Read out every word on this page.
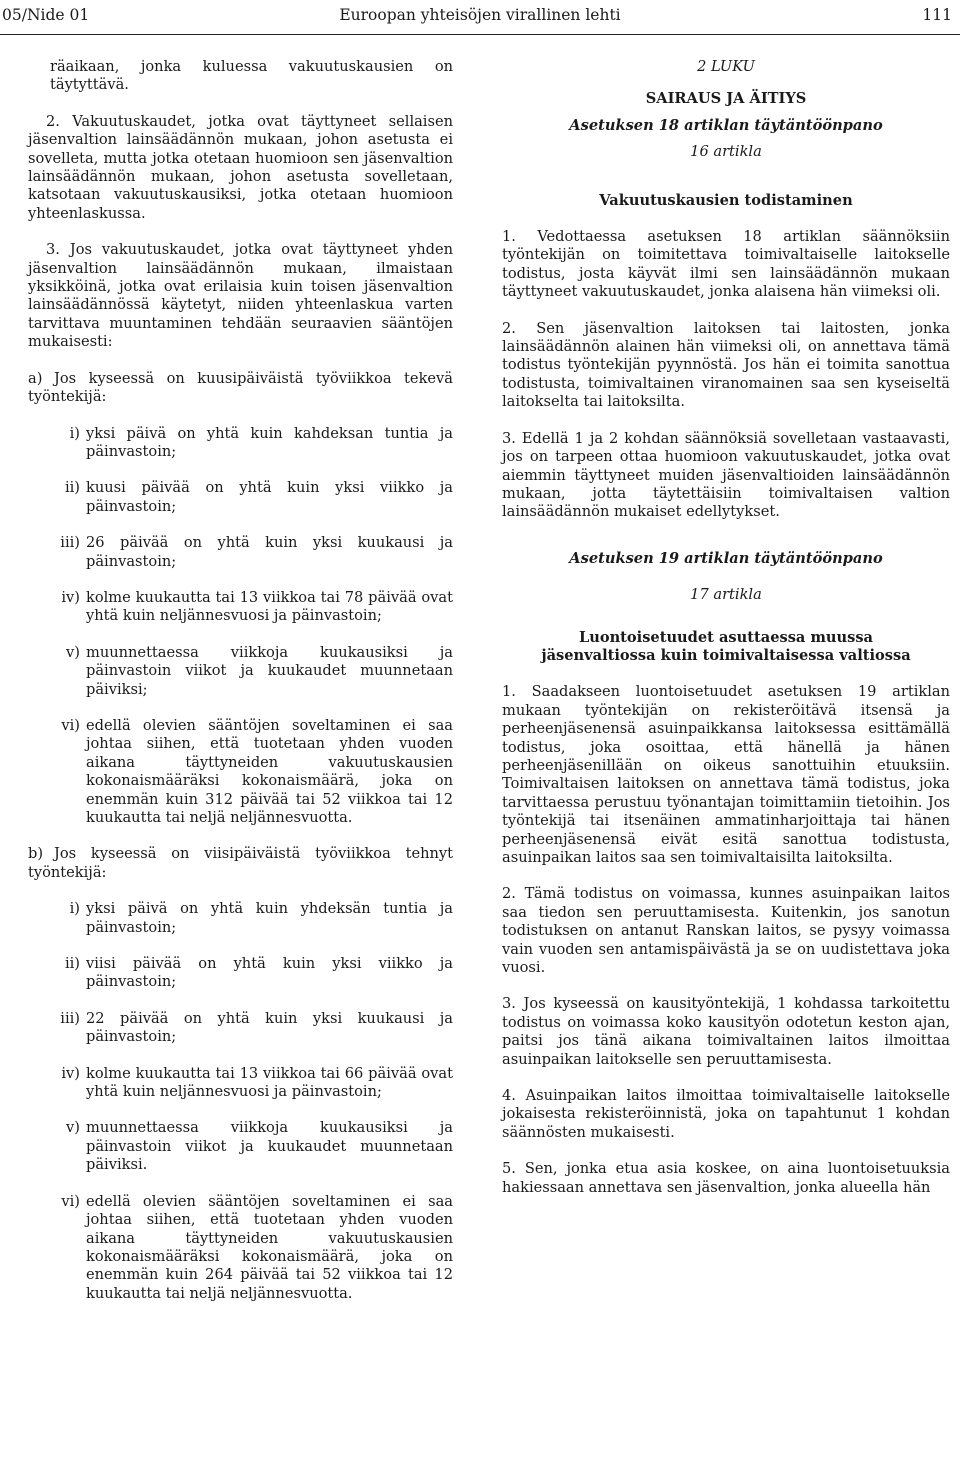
05/Nide 01	Euroopan yhteisöjen virallinen lehti	111

räaikaan, jonka kuluessa vakuutuskausien on täytyttävä.

2. Vakuutuskaudet, jotka ovat täyttyneet sellaisen jäsenvaltion lainsäädännön mukaan, johon asetusta ei sovelleta, mutta jotka otetaan huomioon sen jäsenvaltion lainsäädännön mukaan, johon asetusta sovelletaan, katsotaan vakuutuskausiksi, jotka otetaan huomioon yhteenlaskussa.

3. Jos vakuutuskaudet, jotka ovat täyttyneet yhden jäsenvaltion lainsäädännön mukaan, ilmaistaan yksikköinä, jotka ovat erilaisia kuin toisen jäsenvaltion lainsäädännössä käytetyt, niiden yhteenlaskua varten tarvittava muuntaminen tehdään seuraavien sääntöjen mukaisesti:

a) Jos kyseessä on kuusipäiväistä työviikkoa tekevä työntekijä:

i) yksi päivä on yhtä kuin kahdeksan tuntia ja päinvastoin;

ii) kuusi päivää on yhtä kuin yksi viikko ja päinvastoin;

iii) 26 päivää on yhtä kuin yksi kuukausi ja päinvastoin;

iv) kolme kuukautta tai 13 viikkoa tai 78 päivää ovat yhtä kuin neljännesvuosi ja päinvastoin;

v) muunnettaessa viikkoja kuukausiksi ja päinvastoin viikot ja kuukaudet muunnetaan päiviksi;

vi) edellä olevien sääntöjen soveltaminen ei saa johtaa siihen, että tuotetaan yhden vuoden aikana täyttyneiden vakuutuskausien kokonaismääräksi kokonaismäärä, joka on enemmän kuin 312 päivää tai 52 viikkoa tai 12 kuukautta tai neljä neljännesvuotta.

b) Jos kyseessä on viisipäiväistä työviikkoa tehnyt työntekijä:

i) yksi päivä on yhtä kuin yhdeksän tuntia ja päinvastoin;

ii) viisi päivää on yhtä kuin yksi viikko ja päinvastoin;

iii) 22 päivää on yhtä kuin yksi kuukausi ja päinvastoin;

iv) kolme kuukautta tai 13 viikkoa tai 66 päivää ovat yhtä kuin neljännesvuosi ja päinvastoin;

v) muunnettaessa viikkoja kuukausiksi ja päinvastoin viikot ja kuukaudet muunnetaan päiviksi.

vi) edellä olevien sääntöjen soveltaminen ei saa johtaa siihen, että tuotetaan yhden vuoden aikana täyttyneiden vakuutuskausien kokonaismääräksi kokonaismäärä, joka on enemmän kuin 264 päivää tai 52 viikkoa tai 12 kuukautta tai neljä neljännesvuotta.

2 LUKU

SAIRAUS JA ÄITIYS

Asetuksen 18 artiklan täytäntöönpano

16 artikla

Vakuutuskausien todistaminen

1. Vedottaessa asetuksen 18 artiklan säännöksiin työntekijän on toimitettava toimivaltaiselle laitokselle todistus, josta käyvät ilmi sen lainsäädännön mukaan täyttyneet vakuutuskaudet, jonka alaisena hän viimeksi oli.

2. Sen jäsenvaltion laitoksen tai laitosten, jonka lainsäädännön alainen hän viimeksi oli, on annettava tämä todistus työntekijän pyynnöstä. Jos hän ei toimita sanottua todistusta, toimivaltainen viranomainen saa sen kyseiseltä laitokselta tai laitoksilta.

3. Edellä 1 ja 2 kohdan säännöksiä sovelletaan vastaavasti, jos on tarpeen ottaa huomioon vakuutuskaudet, jotka ovat aiemmin täyttyneet muiden jäsenvaltioiden lainsäädännön mukaan, jotta täytettäisiin toimivaltaisen valtion lainsäädännön mukaiset edellytykset.

Asetuksen 19 artiklan täytäntöönpano

17 artikla

Luontoisetuudet asuttaessa muussa jäsenvaltiossa kuin toimivaltaisessa valtiossa

1. Saadakseen luontoisetuudet asetuksen 19 artiklan mukaan työntekijän on rekisteröitävä itsensä ja perheenjäsenensä asuinpaikkansa laitoksessa esittämällä todistus, joka osoittaa, että hänellä ja hänen perheenjäsenillään on oikeus sanottuihin etuuksiin. Toimivaltaisen laitoksen on annettava tämä todistus, joka tarvittaessa perustuu työnantajan toimittamiin tietoihin. Jos työntekijä tai itsenäinen ammatinharjoittaja tai hänen perheenjäsenensä eivät esitä sanottua todistusta, asuinpaikan laitos saa sen toimivaltaisilta laitoksilta.

2. Tämä todistus on voimassa, kunnes asuinpaikan laitos saa tiedon sen peruuttamisesta. Kuitenkin, jos sanotun todistuksen on antanut Ranskan laitos, se pysyy voimassa vain vuoden sen antamispäivästä ja se on uudistettava joka vuosi.

3. Jos kyseessä on kausityöntekijä, 1 kohdassa tarkoitettu todistus on voimassa koko kausityön odotetun keston ajan, paitsi jos tänä aikana toimivaltainen laitos ilmoittaa asuinpaikan laitokselle sen peruuttamisesta.

4. Asuinpaikan laitos ilmoittaa toimivaltaiselle laitokselle jokaisesta rekisteröinnistä, joka on tapahtunut 1 kohdan säännösten mukaisesti.

5. Sen, jonka etua asia koskee, on aina luontoisetuuksia hakiessaan annettava sen jäsenvaltion, jonka alueella hän
